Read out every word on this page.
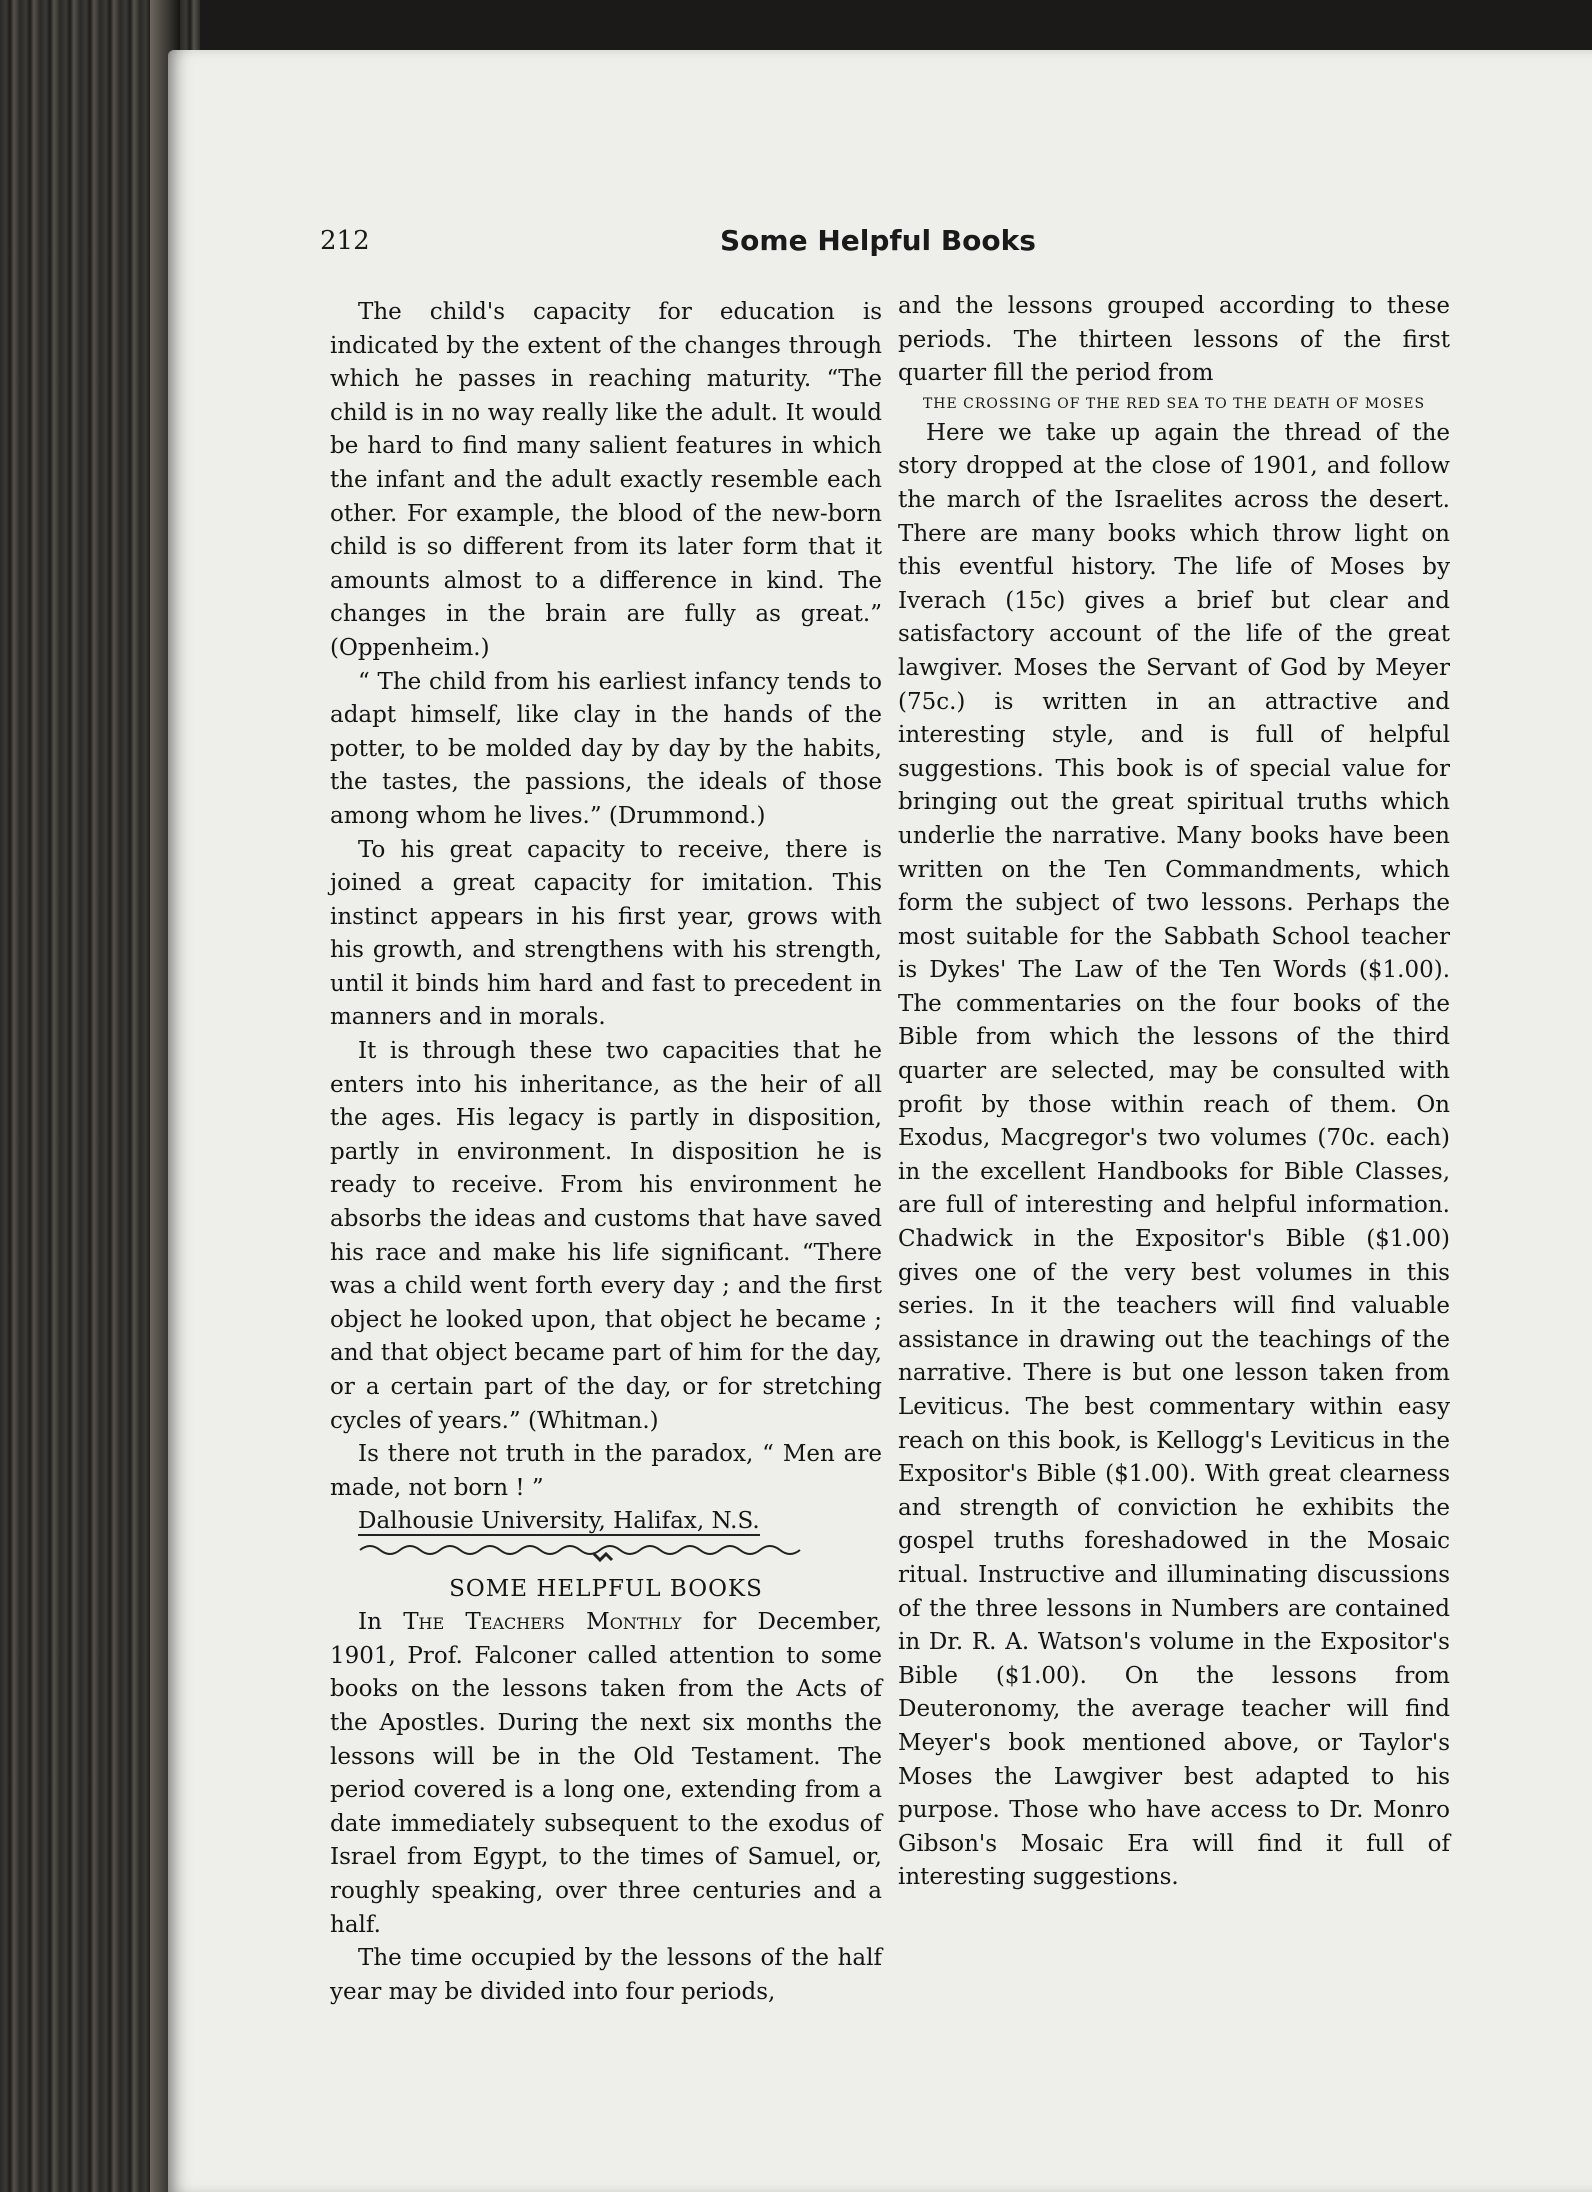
212	Some Helpful Books

The child's capacity for education is indicated by the extent of the changes through which he passes in reaching maturity. “The child is in no way really like the adult. It would be hard to find many salient features in which the infant and the adult exactly resemble each other. For example, the blood of the new-born child is so different from its later form that it amounts almost to a difference in kind. The changes in the brain are fully as great.” (Oppenheim.)

“ The child from his earliest infancy tends to adapt himself, like clay in the hands of the potter, to be molded day by day by the habits, the tastes, the passions, the ideals of those among whom he lives.” (Drummond.)

To his great capacity to receive, there is joined a great capacity for imitation. This instinct appears in his first year, grows with his growth, and strengthens with his strength, until it binds him hard and fast to precedent in manners and in morals.

It is through these two capacities that he enters into his inheritance, as the heir of all the ages. His legacy is partly in disposition, partly in environment. In disposition he is ready to receive. From his environment he absorbs the ideas and customs that have saved his race and make his life significant. “There was a child went forth every day ; and the first object he looked upon, that object he became ; and that object became part of him for the day, or a certain part of the day, or for stretching cycles of years.” (Whitman.)

Is there not truth in the paradox, “ Men are made, not born ! ”

Dalhousie University, Halifax, N.S.

SOME HELPFUL BOOKS

In The Teachers Monthly for December, 1901, Prof. Falconer called attention to some books on the lessons taken from the Acts of the Apostles. During the next six months the lessons will be in the Old Testament. The period covered is a long one, extending from a date immediately subsequent to the exodus of Israel from Egypt, to the times of Samuel, or, roughly speaking, over three centuries and a half.

The time occupied by the lessons of the half year may be divided into four periods,

and the lessons grouped according to these periods. The thirteen lessons of the first quarter fill the period from

THE CROSSING OF THE RED SEA TO THE DEATH OF MOSES

Here we take up again the thread of the story dropped at the close of 1901, and follow the march of the Israelites across the desert. There are many books which throw light on this eventful history. The life of Moses by Iverach (15c) gives a brief but clear and satisfactory account of the life of the great lawgiver. Moses the Servant of God by Meyer (75c.) is written in an attractive and interesting style, and is full of helpful suggestions. This book is of special value for bringing out the great spiritual truths which underlie the narrative. Many books have been written on the Ten Commandments, which form the subject of two lessons. Perhaps the most suitable for the Sabbath School teacher is Dykes' The Law of the Ten Words ($1.00). The commentaries on the four books of the Bible from which the lessons of the third quarter are selected, may be consulted with profit by those within reach of them. On Exodus, Macgregor's two volumes (70c. each) in the excellent Handbooks for Bible Classes, are full of interesting and helpful information. Chadwick in the Expositor's Bible ($1.00) gives one of the very best volumes in this series. In it the teachers will find valuable assistance in drawing out the teachings of the narrative. There is but one lesson taken from Leviticus. The best commentary within easy reach on this book, is Kellogg's Leviticus in the Expositor's Bible ($1.00). With great clearness and strength of conviction he exhibits the gospel truths foreshadowed in the Mosaic ritual. Instructive and illuminating discussions of the three lessons in Numbers are contained in Dr. R. A. Watson's volume in the Expositor's Bible ($1.00). On the lessons from Deuteronomy, the average teacher will find Meyer's book mentioned above, or Taylor's Moses the Lawgiver best adapted to his purpose. Those who have access to Dr. Monro Gibson's Mosaic Era will find it full of interesting suggestions.
